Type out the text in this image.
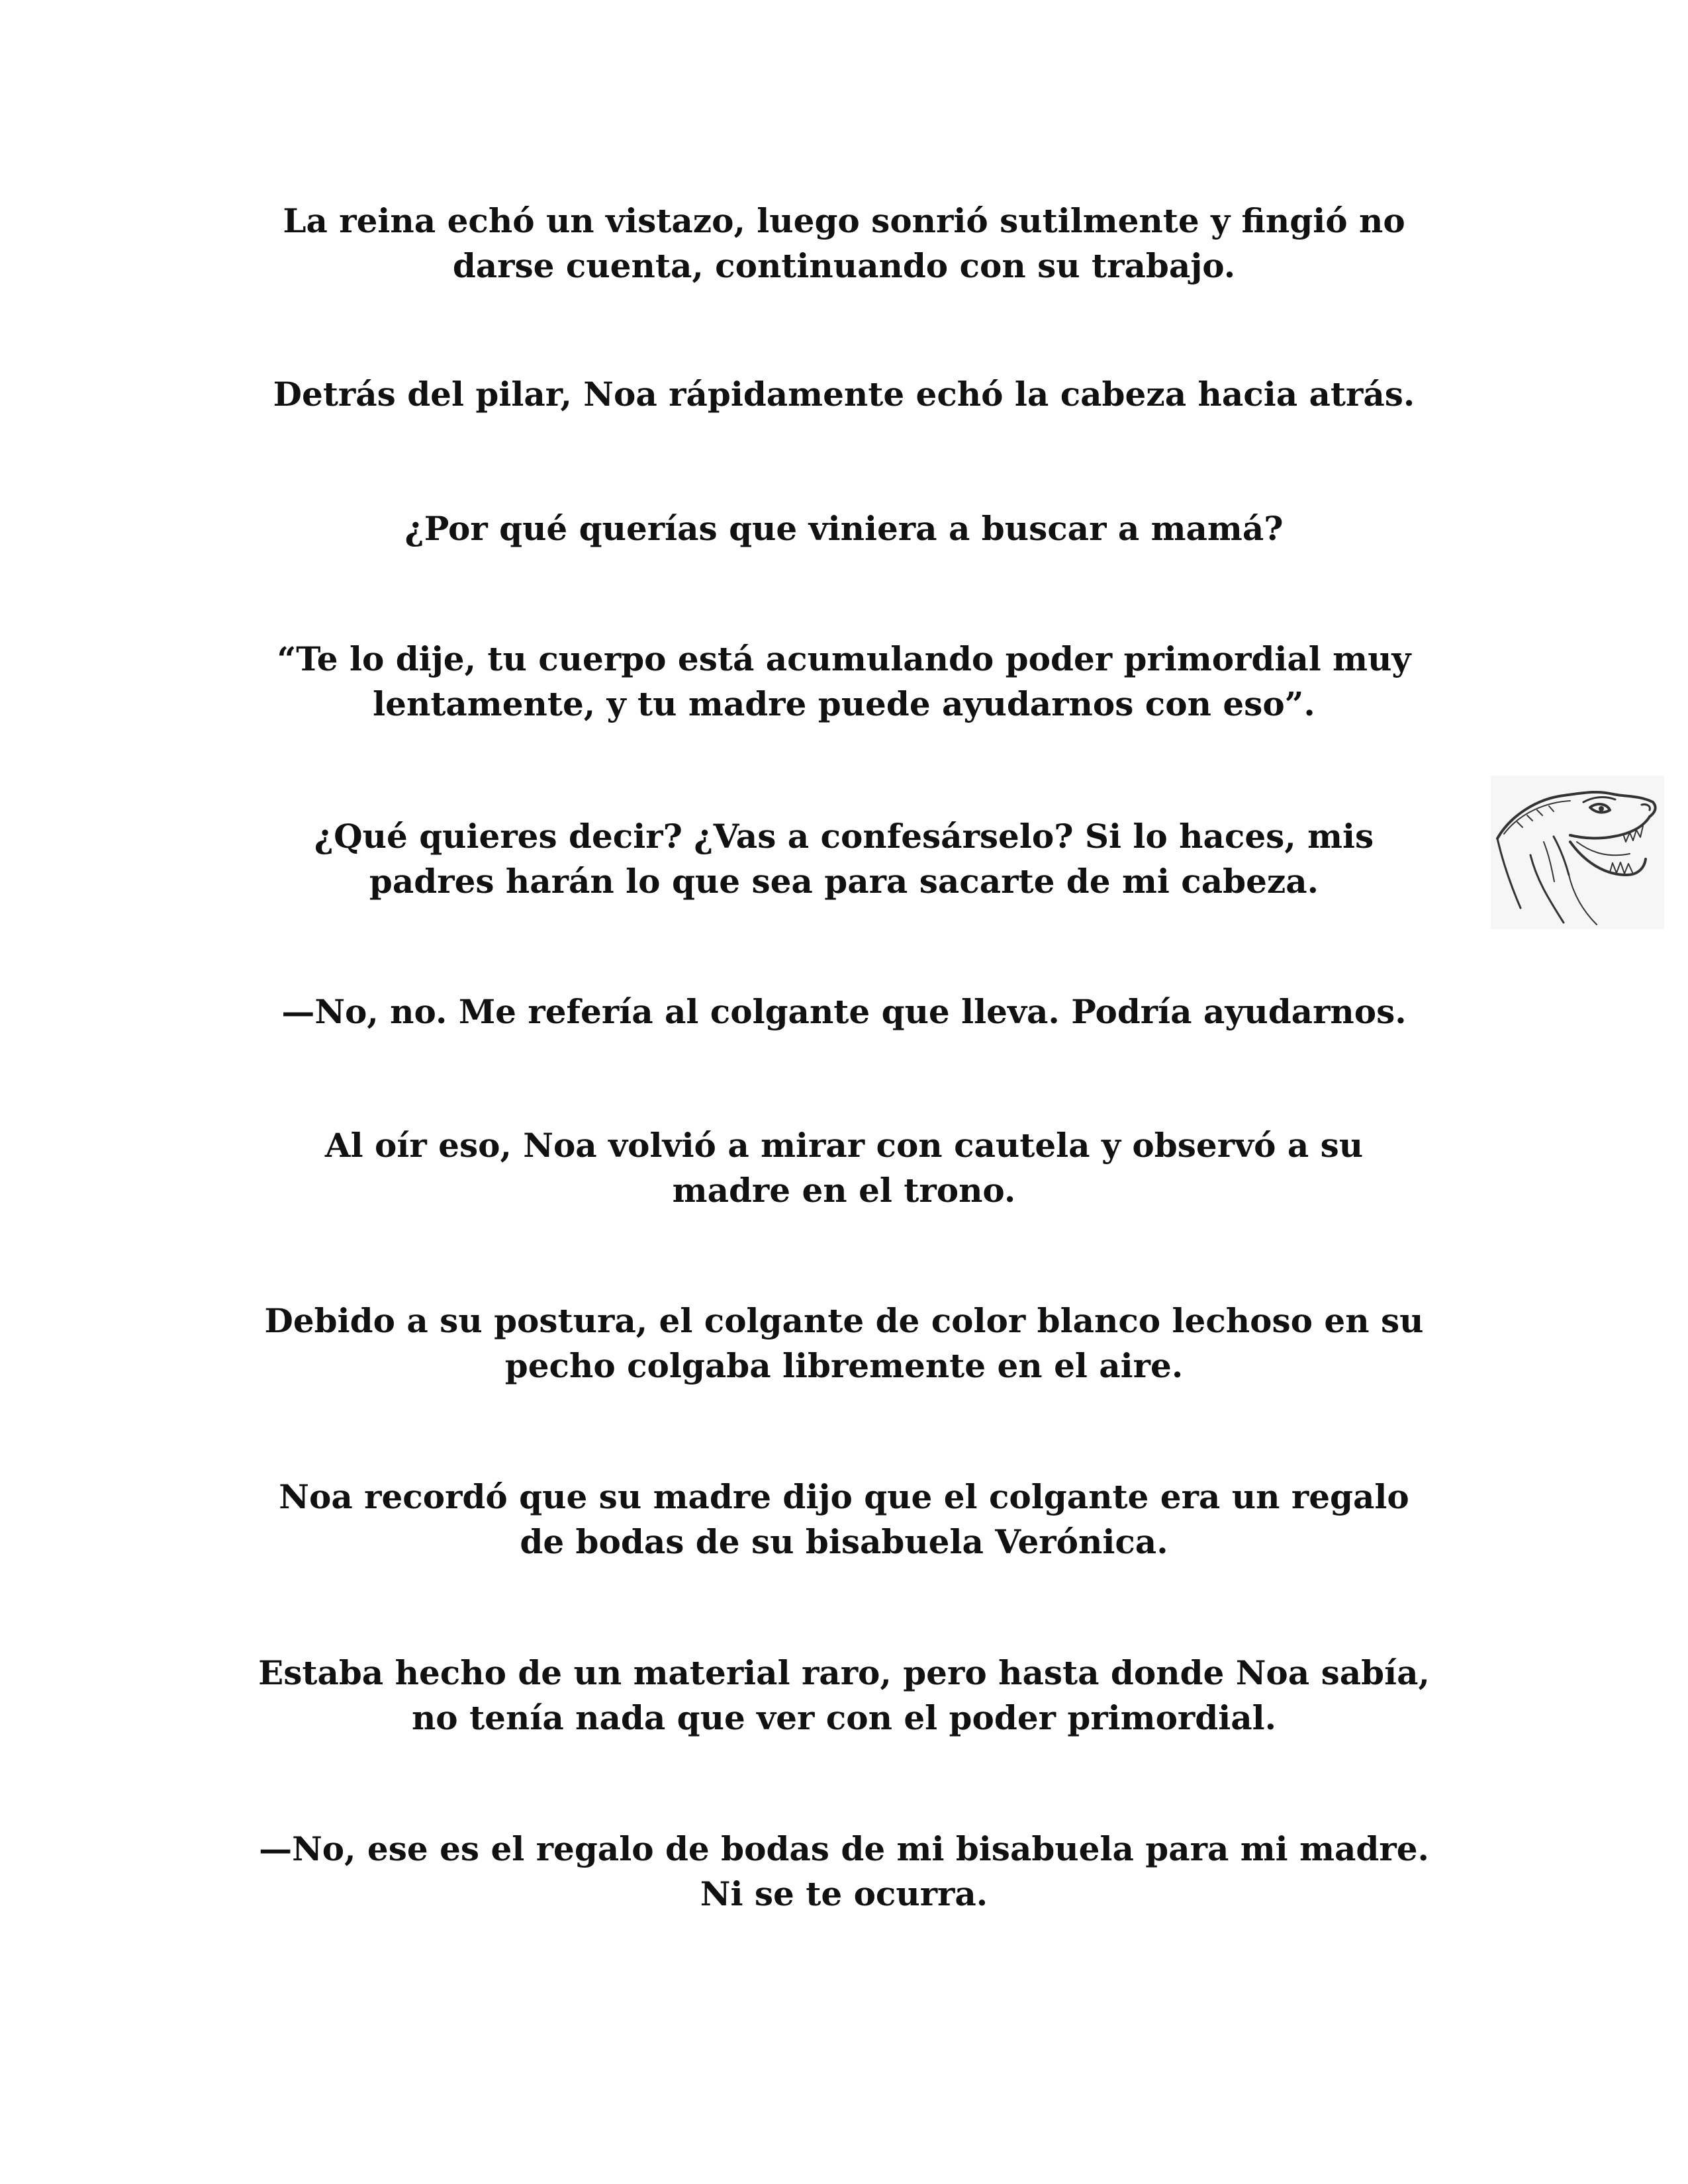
La reina echó un vistazo, luego sonrió sutilmente y fingió no
darse cuenta, continuando con su trabajo.
Detrás del pilar, Noa rápidamente echó la cabeza hacia atrás.
¿Por qué querías que viniera a buscar a mamá?
“Te lo dije, tu cuerpo está acumulando poder primordial muy
lentamente, y tu madre puede ayudarnos con eso”.
¿Qué quieres decir? ¿Vas a confesárselo? Si lo haces, mis
padres harán lo que sea para sacarte de mi cabeza.
—No, no. Me refería al colgante que lleva. Podría ayudarnos.
Al oír eso, Noa volvió a mirar con cautela y observó a su
madre en el trono.
Debido a su postura, el colgante de color blanco lechoso en su
pecho colgaba libremente en el aire.
Noa recordó que su madre dijo que el colgante era un regalo
de bodas de su bisabuela Verónica.
Estaba hecho de un material raro, pero hasta donde Noa sabía,
no tenía nada que ver con el poder primordial.
—No, ese es el regalo de bodas de mi bisabuela para mi madre.
Ni se te ocurra.
